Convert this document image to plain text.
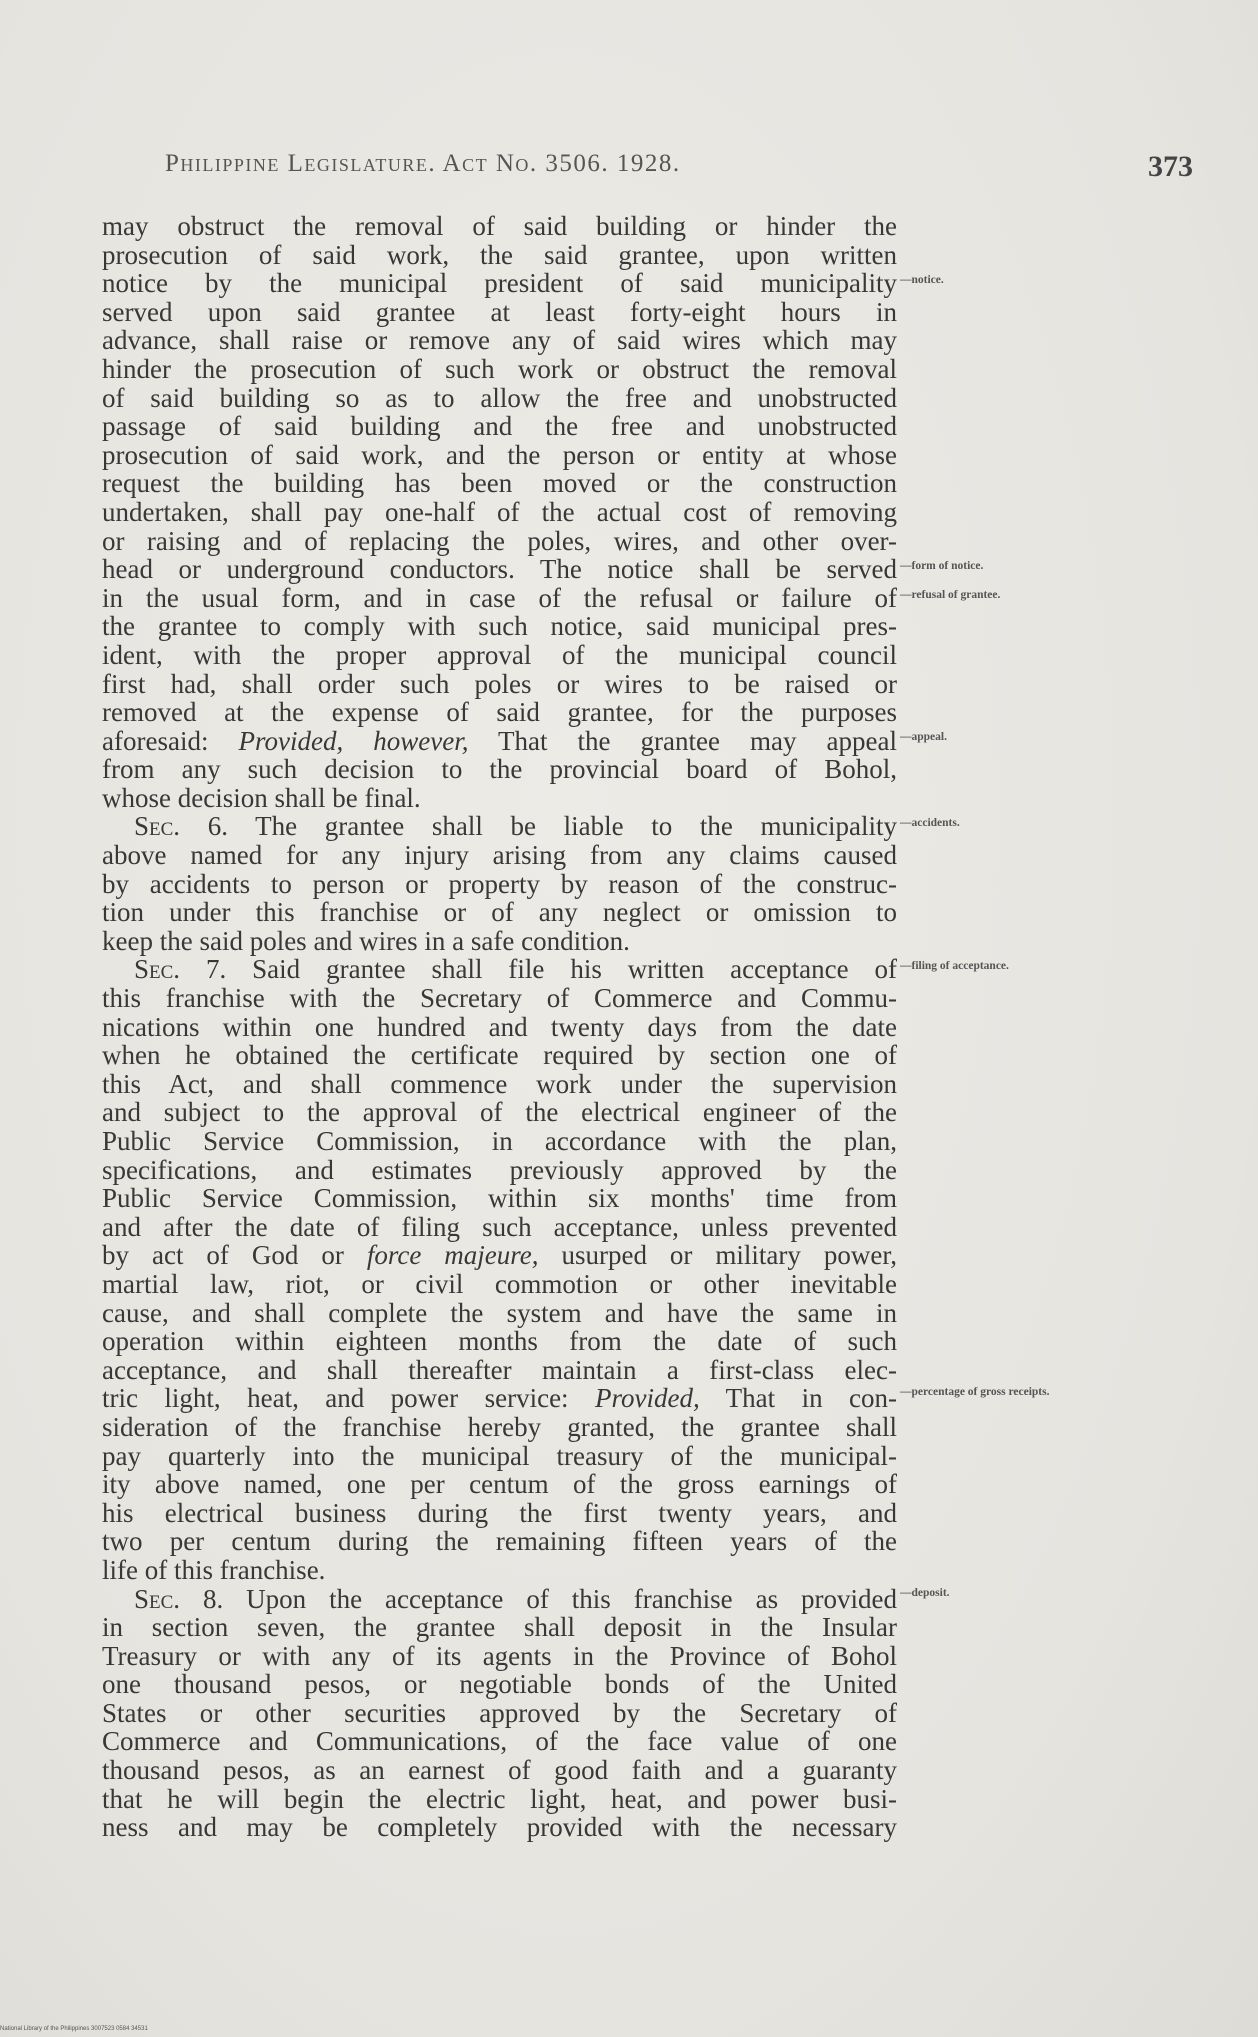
Philippine Legislature. Act No. 3506. 1928.	373
may obstruct the removal of said building or hinder the
prosecution of said work, the said grantee, upon written
notice by the municipal president of said municipality
served upon said grantee at least forty-eight hours in
advance, shall raise or remove any of said wires which may
hinder the prosecution of such work or obstruct the removal
of said building so as to allow the free and unobstructed
passage of said building and the free and unobstructed
prosecution of said work, and the person or entity at whose
request the building has been moved or the construction
undertaken, shall pay one-half of the actual cost of removing
or raising and of replacing the poles, wires, and other over-
head or underground conductors. The notice shall be served
in the usual form, and in case of the refusal or failure of
the grantee to comply with such notice, said municipal pres-
ident, with the proper approval of the municipal council
first had, shall order such poles or wires to be raised or
removed at the expense of said grantee, for the purposes
aforesaid: Provided, however, That the grantee may appeal
from any such decision to the provincial board of Bohol,
whose decision shall be final.
Sec. 6. The grantee shall be liable to the municipality
above named for any injury arising from any claims caused
by accidents to person or property by reason of the construc-
tion under this franchise or of any neglect or omission to
keep the said poles and wires in a safe condition.
Sec. 7. Said grantee shall file his written acceptance of
this franchise with the Secretary of Commerce and Commu-
nications within one hundred and twenty days from the date
when he obtained the certificate required by section one of
this Act, and shall commence work under the supervision
and subject to the approval of the electrical engineer of the
Public Service Commission, in accordance with the plan,
specifications, and estimates previously approved by the
Public Service Commission, within six months' time from
and after the date of filing such acceptance, unless prevented
by act of God or force majeure, usurped or military power,
martial law, riot, or civil commotion or other inevitable
cause, and shall complete the system and have the same in
operation within eighteen months from the date of such
acceptance, and shall thereafter maintain a first-class elec-
tric light, heat, and power service: Provided, That in con-
sideration of the franchise hereby granted, the grantee shall
pay quarterly into the municipal treasury of the municipal-
ity above named, one per centum of the gross earnings of
his electrical business during the first twenty years, and
two per centum during the remaining fifteen years of the
life of this franchise.
Sec. 8. Upon the acceptance of this franchise as provided
in section seven, the grantee shall deposit in the Insular
Treasury or with any of its agents in the Province of Bohol
one thousand pesos, or negotiable bonds of the United
States or other securities approved by the Secretary of
Commerce and Communications, of the face value of one
thousand pesos, as an earnest of good faith and a guaranty
that he will begin the electric light, heat, and power busi-
ness and may be completely provided with the necessary
—notice.
—form of notice.
—refusal of grantee.
—appeal.
—accidents.
—filing of acceptance.
—percentage of gross receipts.
—deposit.
National Library of the Philippines 3007523 0584 34531
